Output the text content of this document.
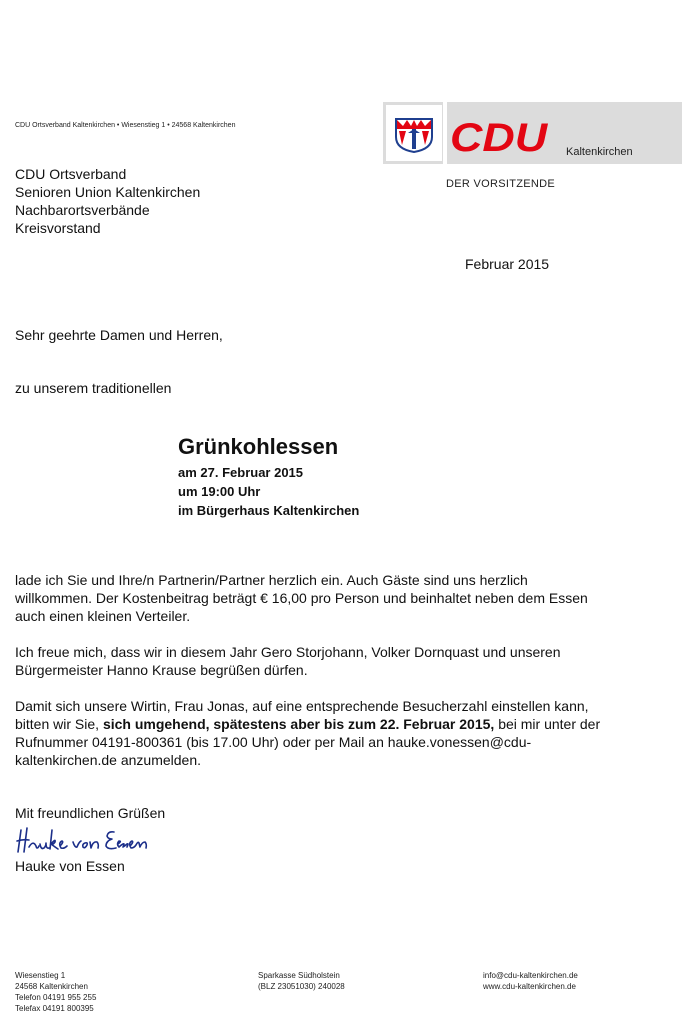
CDU Ortsverband Kaltenkirchen • Wiesenstieg 1 • 24568 Kaltenkirchen	CDU Kaltenkirchen
DER VORSITZENDE
CDU Ortsverband
Senioren Union Kaltenkirchen
Nachbarortsverbände
Kreisvorstand
Februar 2015
Sehr geehrte Damen und Herren,
zu unserem traditionellen
Grünkohlessen
am 27. Februar 2015
um 19:00 Uhr
im Bürgerhaus Kaltenkirchen
lade ich Sie und Ihre/n Partnerin/Partner herzlich ein. Auch Gäste sind uns herzlich willkommen. Der Kostenbeitrag beträgt € 16,00 pro Person und beinhaltet neben dem Essen auch einen kleinen Verteiler.
Ich freue mich, dass wir in diesem Jahr Gero Storjohann, Volker Dornquast und unseren Bürgermeister Hanno Krause begrüßen dürfen.
Damit sich unsere Wirtin, Frau Jonas, auf eine entsprechende Besucherzahl einstellen kann, bitten wir Sie, sich umgehend, spätestens aber bis zum 22. Februar 2015, bei mir unter der Rufnummer 04191-800361 (bis 17.00 Uhr) oder per Mail an hauke.vonessen@cdu-kaltenkirchen.de anzumelden.
Mit freundlichen Grüßen
Hauke von Essen
Wiesenstieg 1
24568 Kaltenkirchen
Telefon 04191 955 255
Telefax 04191 800395
Sparkasse Südholstein
(BLZ 23051030) 240028
info@cdu-kaltenkirchen.de
www.cdu-kaltenkirchen.de
